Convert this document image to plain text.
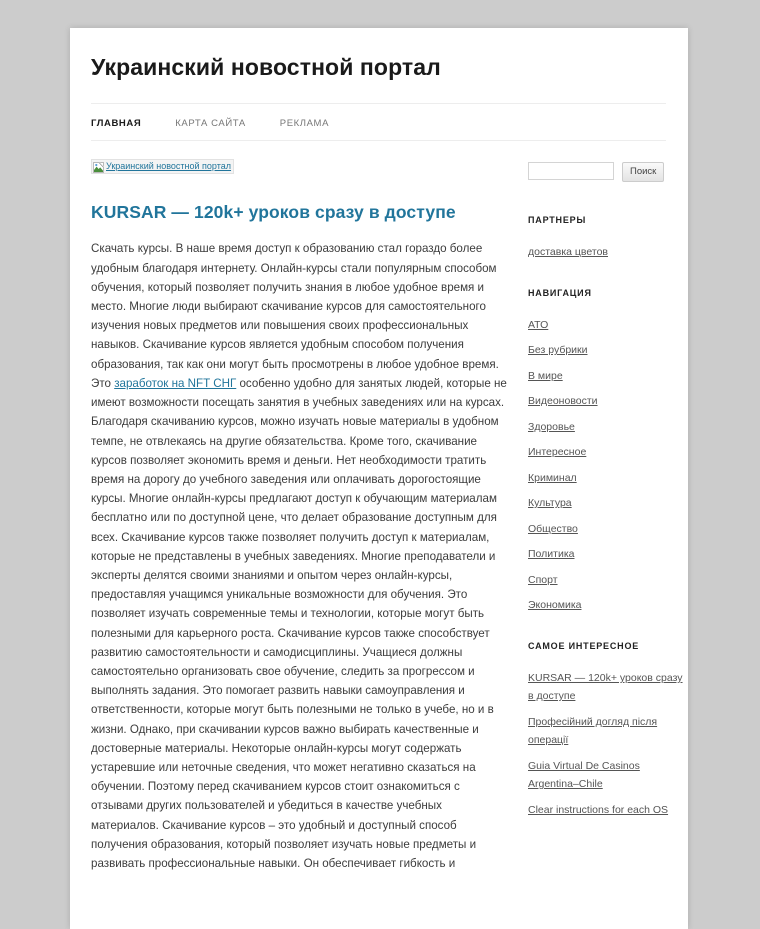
Украинский новостной портал
ГЛАВНАЯ	КАРТА САЙТА	РЕКЛАМА
Украинский новостной портал
KURSAR — 120k+ уроков сразу в доступе

Скачать курсы. В наше время доступ к образованию стал гораздо более удобным благодаря интернету. Онлайн-курсы стали популярным способом обучения, который позволяет получить знания в любое удобное время и место. Многие люди выбирают скачивание курсов для самостоятельного изучения новых предметов или повышения своих профессиональных навыков. Скачивание курсов является удобным способом получения образования, так как они могут быть просмотрены в любое удобное время. Это заработок на NFT СНГ особенно удобно для занятых людей, которые не имеют возможности посещать занятия в учебных заведениях или на курсах. Благодаря скачиванию курсов, можно изучать новые материалы в удобном темпе, не отвлекаясь на другие обязательства. Кроме того, скачивание курсов позволяет экономить время и деньги. Нет необходимости тратить время на дорогу до учебного заведения или оплачивать дорогостоящие курсы. Многие онлайн-курсы предлагают доступ к обучающим материалам бесплатно или по доступной цене, что делает образование доступным для всех. Скачивание курсов также позволяет получить доступ к материалам, которые не представлены в учебных заведениях. Многие преподаватели и эксперты делятся своими знаниями и опытом через онлайн-курсы, предоставляя учащимся уникальные возможности для обучения. Это позволяет изучать современные темы и технологии, которые могут быть полезными для карьерного роста. Скачивание курсов также способствует развитию самостоятельности и самодисциплины. Учащиеся должны самостоятельно организовать свое обучение, следить за прогрессом и выполнять задания. Это помогает развить навыки самоуправления и ответственности, которые могут быть полезными не только в учебе, но и в жизни. Однако, при скачивании курсов важно выбирать качественные и достоверные материалы. Некоторые онлайн-курсы могут содержать устаревшие или неточные сведения, что может негативно сказаться на обучении. Поэтому перед скачиванием курсов стоит ознакомиться с отзывами других пользователей и убедиться в качестве учебных материалов. Скачивание курсов – это удобный и доступный способ получения образования, который позволяет изучать новые предметы и развивать профессиональные навыки. Он обеспечивает гибкость и

Поиск
ПАРТНЕРЫ
доставка цветов
НАВИГАЦИЯ
АТО
Без рубрики
В мире
Видеоновости
Здоровье
Интересное
Криминал
Культура
Общество
Политика
Спорт
Экономика
САМОЕ ИНТЕРЕСНОЕ
KURSAR — 120k+ уроков сразу в доступе
Професійний догляд після операції
Guia Virtual De Casinos Argentina–Chile
Clear instructions for each OS
